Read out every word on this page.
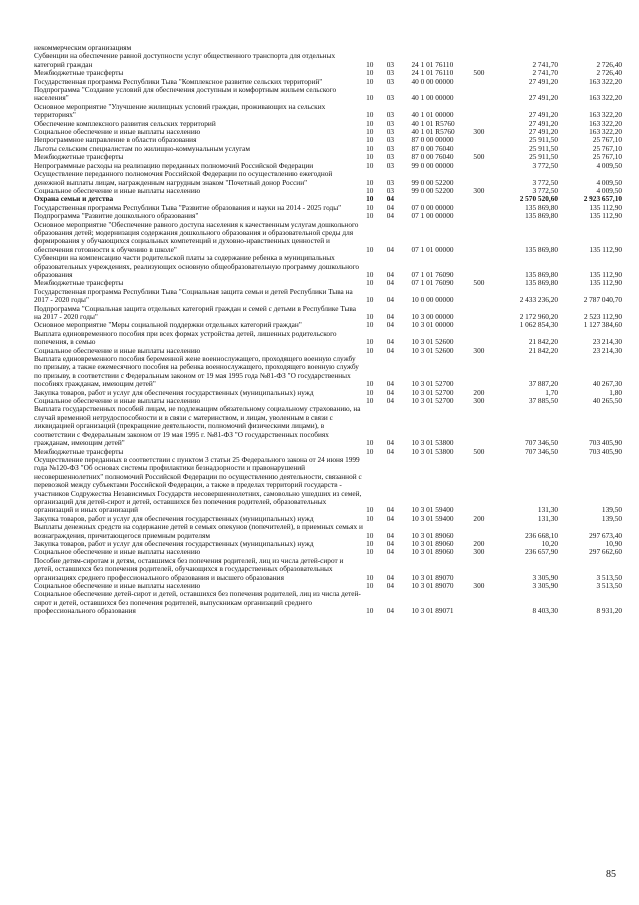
некоммерческим организациям						
Субвенции на обеспечение равной доступности услуг общественного транспорта для отдельных категорий граждан	10	03	24 1 01 76110		2 741,70	2 726,40
Межбюджетные трансферты	10	03	24 1 01 76110	500	2 741,70	2 726,40
Государственная программа Республики Тыва "Комплексное развитие сельских территорий"	10	03	40 0 00 00000		27 491,20	163 322,20
Подпрограмма "Создание условий для обеспечения доступным и комфортным жильем сельского населения"	10	03	40 1 00 00000		27 491,20	163 322,20
Основное мероприятие "Улучшение жилищных условий граждан, проживающих на сельских территориях"	10	03	40 1 01 00000		27 491,20	163 322,20
Обеспечение комплексного развития сельских территорий	10	03	40 1 01 R5760		27 491,20	163 322,20
Социальное обеспечение и иные выплаты населению	10	03	40 1 01 R5760	300	27 491,20	163 322,20
Непрограммное направление в области образования	10	03	87 0 00 00000		25 911,50	25 767,10
Льготы сельским специалистам по жилищно-коммунальным услугам	10	03	87 0 00 76040		25 911,50	25 767,10
Межбюджетные трансферты	10	03	87 0 00 76040	500	25 911,50	25 767,10
Непрограммные расходы на реализацию переданных полномочий Российской Федерации	10	03	99 0 00 00000		3 772,50	4 009,50
Осуществление переданного полномочия Российской Федерации по осуществлению ежегодной денежной выплаты лицам, награжденным нагрудным знаком "Почетный донор России"	10	03	99 0 00 52200		3 772,50	4 009,50
Социальное обеспечение и иные выплаты населению	10	03	99 0 00 52200	300	3 772,50	4 009,50
Охрана семьи и детства	10	04			2 570 520,60	2 923 657,10
Государственная программа Республики Тыва "Развитие образования и науки на 2014 - 2025 годы"	10	04	07 0 00 00000		135 869,80	135 112,90
Подпрограмма "Развитие дошкольного образования"	10	04	07 1 00 00000		135 869,80	135 112,90
Основное мероприятие "Обеспечение равного доступа населения к качественным услугам дошкольного образования детей; модернизация содержания дошкольного образования и образовательной среды для формирования у обучающихся социальных компетенций и духовно-нравственных ценностей и обеспечения готовности к обучению в школе"	10	04	07 1 01 00000		135 869,80	135 112,90
Субвенции на компенсацию части родительской платы за содержание ребенка в муниципальных образовательных учреждениях, реализующих основную общеобразовательную программу дошкольного образования	10	04	07 1 01 76090		135 869,80	135 112,90
Межбюджетные трансферты	10	04	07 1 01 76090	500	135 869,80	135 112,90
Государственная программа Республики Тыва "Социальная защита семьи и детей Республики Тыва на 2017 - 2020 годы"	10	04	10 0 00 00000		2 433 236,20	2 787 040,70
Подпрограмма "Социальная защита отдельных категорий граждан и семей с детьми в Республике Тыва на 2017 - 2020 годы"	10	04	10 3 00 00000		2 172 960,20	2 523 112,90
Основное мероприятие "Меры социальной поддержки отдельных категорий граждан"	10	04	10 3 01 00000		1 062 854,30	1 127 384,60
Выплата единовременного пособия при всех формах устройства детей, лишенных родительского попечения, в семью	10	04	10 3 01 52600		21 842,20	23 214,30
Социальное обеспечение и иные выплаты населению	10	04	10 3 01 52600	300	21 842,20	23 214,30
Выплата единовременного пособия беременной жене военнослужащего, проходящего военную службу по призыву, а также ежемесячного пособия на ребенка военнослужащего, проходящего военную службу по призыву, в соответствии с Федеральным законом от 19 мая 1995 года №81-ФЗ "О государственных пособиях гражданам, имеющим детей"	10	04	10 3 01 52700		37 887,20	40 267,30
Закупка товаров, работ и услуг для обеспечения государственных (муниципальных) нужд	10	04	10 3 01 52700	200	1,70	1,80
Социальное обеспечение и иные выплаты населению	10	04	10 3 01 52700	300	37 885,50	40 265,50
Выплата государственных пособий лицам, не подлежащим обязательному социальному страхованию, на случай временной нетрудоспособности и в связи с материнством, и лицам, уволенным в связи с ликвидацией организаций (прекращение деятельности, полномочий физическими лицами), в соответствии с Федеральным законом от 19 мая 1995 г. №81-ФЗ "О государственных пособиях гражданам, имеющим детей"	10	04	10 3 01 53800		707 346,50	703 405,90
Межбюджетные трансферты	10	04	10 3 01 53800	500	707 346,50	703 405,90
Осуществление переданных в соответствии с пунктом 3 статьи 25 Федерального закона от 24 июня 1999 года №120-ФЗ "Об основах системы профилактики безнадзорности и правонарушений несовершеннолетних" полномочий Российской Федерации по осуществлению деятельности, связанной с перевозкой между субъектами Российской Федерации, а также в пределах территорий государств - участников Содружества Независимых Государств несовершеннолетних, самовольно ушедших из семей, организаций для детей-сирот и детей, оставшихся без попечения родителей, образовательных организаций и иных организаций	10	04	10 3 01 59400		131,30	139,50
Закупка товаров, работ и услуг для обеспечения государственных (муниципальных) нужд	10	04	10 3 01 59400	200	131,30	139,50
Выплаты денежных средств на содержание детей в семьях опекунов (попечителей), в приемных семьях и вознаграждения, причитающегося приемным родителям	10	04	10 3 01 89060		236 668,10	297 673,40
Закупка товаров, работ и услуг для обеспечения государственных (муниципальных) нужд	10	04	10 3 01 89060	200	10,20	10,90
Социальное обеспечение и иные выплаты населению	10	04	10 3 01 89060	300	236 657,90	297 662,60
Пособие детям-сиротам и детям, оставшимся без попечения родителей, лиц из числа детей-сирот и детей, оставшихся без попечения родителей, обучающихся в государственных образовательных организациях среднего профессионального образования и высшего образования	10	04	10 3 01 89070		3 305,90	3 513,50
Социальное обеспечение и иные выплаты населению	10	04	10 3 01 89070	300	3 305,90	3 513,50
Социальное обеспечение детей-сирот и детей, оставшихся без попечения родителей, лиц из числа детей-сирот и детей, оставшихся без попечения родителей, выпускникам организаций среднего профессионального образования	10	04	10 3 01 89071		8 403,30	8 931,20
85
